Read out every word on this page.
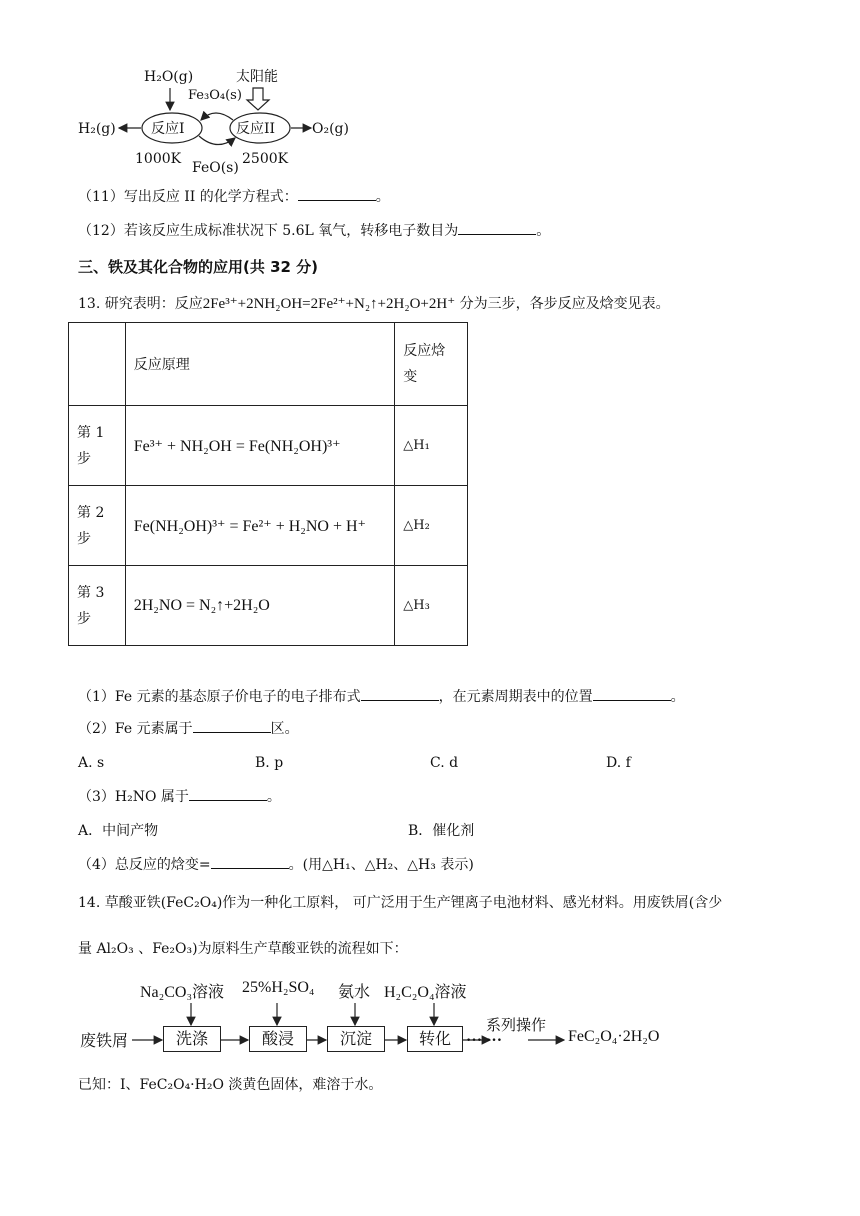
H₂O(g)	太阳能
Fe₃O₄(s)
H₂(g)	反应I	反应II	O₂(g)
1000K
FeO(s)
2500K
（11）写出反应 II 的化学方程式：	。
（12）若该反应生成标准状况下 5.6L 氧气，转移电子数目为	。
三、铁及其化合物的应用(共 32 分)
13. 研究表明：反应2Fe³⁺+2NH₂OH=2Fe²⁺+N₂↑+2H₂O+2H⁺ 分为三步，各步反应及焓变见表。
	反应原理	反应焓变
第 1 步	Fe³⁺ + NH₂OH = Fe(NH₂OH)³⁺	△H₁
第 2 步	Fe(NH₂OH)³⁺ = Fe²⁺ + H₂NO + H⁺	△H₂
第 3 步	2H₂NO = N₂↑+2H₂O	△H₃
（1）Fe 元素的基态原子价电子的电子排布式	，在元素周期表中的位置	。
（2）Fe 元素属于	区。
A. s	B. p	C. d	D. f
（3）H₂NO 属于	。
A．中间产物	B．催化剂
（4）总反应的焓变=	。(用△H₁、△H₂、△H₃ 表示)
14. 草酸亚铁(FeC₂O₄)作为一种化工原料， 可广泛用于生产锂离子电池材料、感光材料。用废铁屑(含少
量 Al₂O₃ 、Fe₂O₃)为原料生产草酸亚铁的流程如下：
废铁屑	洗涤	酸浸	沉淀	转化
Na₂CO₃溶液 25%H₂SO₄ 氨水 H₂C₂O₄溶液
… …
系列操作
FeC₂O₄·2H₂O
已知：Ⅰ、FeC₂O₄·H₂O 淡黄色固体，难溶于水。
